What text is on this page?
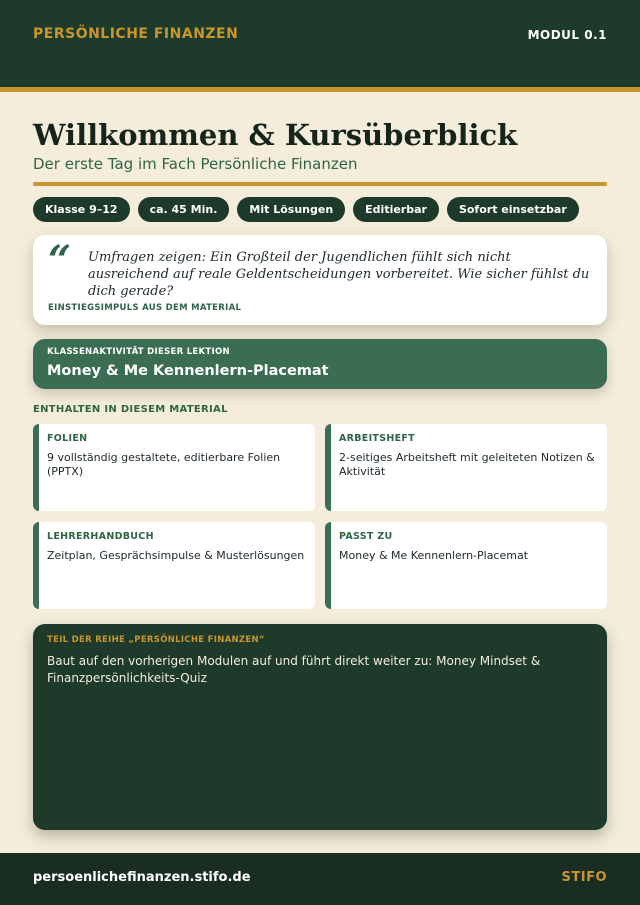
PERSÖNLICHE FINANZEN	MODUL 0.1
Willkommen & Kursüberblick
Der erste Tag im Fach Persönliche Finanzen
Klasse 9–12	ca. 45 Min.	Mit Lösungen	Editierbar	Sofort einsetzbar
“ Umfragen zeigen: Ein Großteil der Jugendlichen fühlt sich nicht ausreichend auf reale Geldentscheidungen vorbereitet. Wie sicher fühlst du dich gerade?
EINSTIEGSIMPULS AUS DEM MATERIAL
KLASSENAKTIVITÄT DIESER LEKTION
Money & Me Kennenlern-Placemat
ENTHALTEN IN DIESEM MATERIAL
FOLIEN
9 vollständig gestaltete, editierbare Folien (PPTX)
ARBEITSHEFT
2-seitiges Arbeitsheft mit geleiteten Notizen & Aktivität
LEHRERHANDBUCH
Zeitplan, Gesprächsimpulse & Musterlösungen
PASST ZU
Money & Me Kennenlern-Placemat
TEIL DER REIHE „PERSÖNLICHE FINANZEN“
Baut auf den vorherigen Modulen auf und führt direkt weiter zu: Money Mindset & Finanzpersönlichkeits-Quiz
persoenlichefinanzen.stifo.de	STIFO
